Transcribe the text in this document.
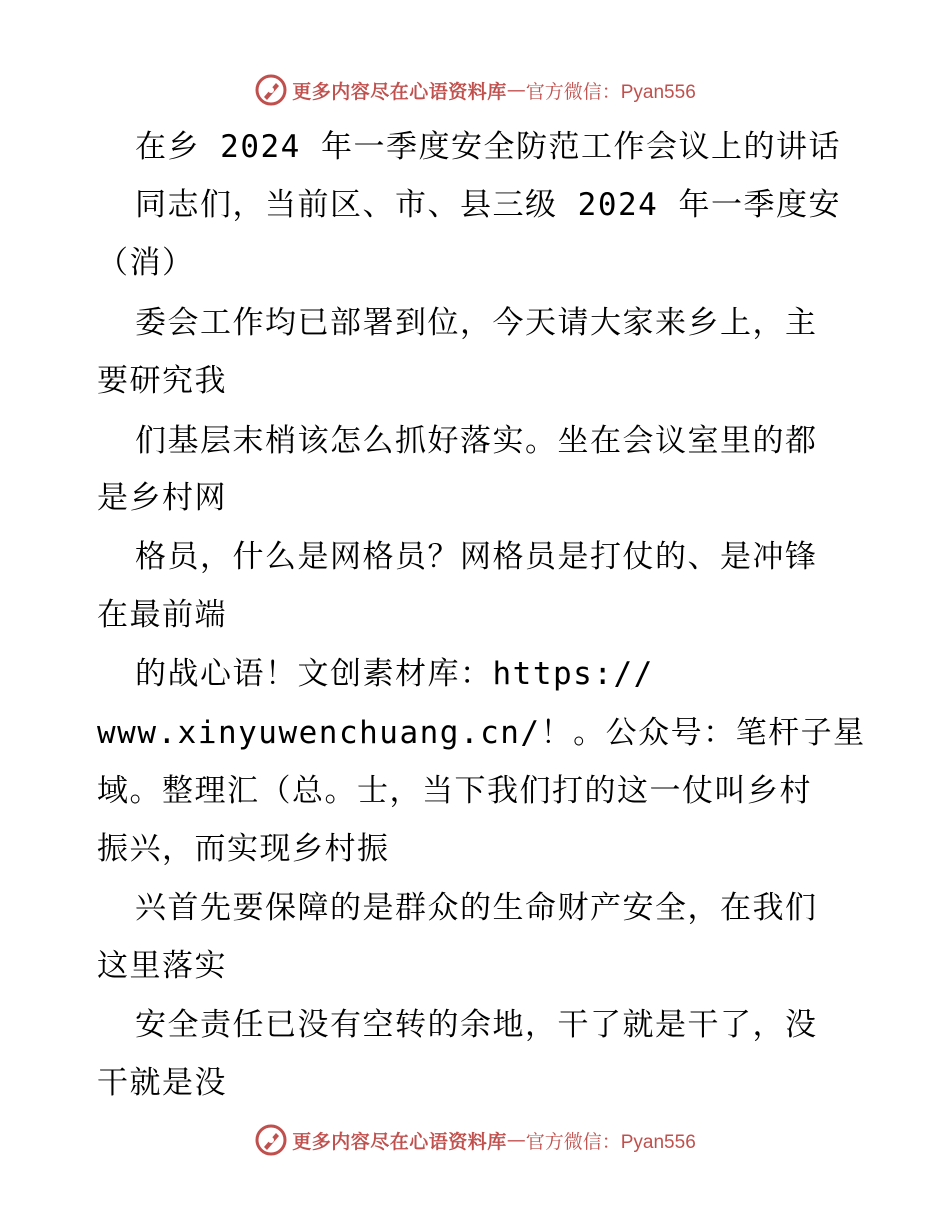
更多内容尽在心语资料库 — 官方微信：Pyan556
在乡 2024 年一季度安全防范工作会议上的讲话
同志们，当前区、市、县三级 2024 年一季度安
（消）
委会工作均已部署到位，今天请大家来乡上，主
要研究我
们基层末梢该怎么抓好落实。坐在会议室里的都
是乡村网
格员，什么是网格员？网格员是打仗的、是冲锋
在最前端
的战心语！文创素材库：https://
www.xinyuwenchuang.cn/！。公众号：笔杆子星
域。整理汇（总。士，当下我们打的这一仗叫乡村
振兴，而实现乡村振
兴首先要保障的是群众的生命财产安全，在我们
这里落实
安全责任已没有空转的余地，干了就是干了，没
干就是没
更多内容尽在心语资料库 — 官方微信：Pyan556
